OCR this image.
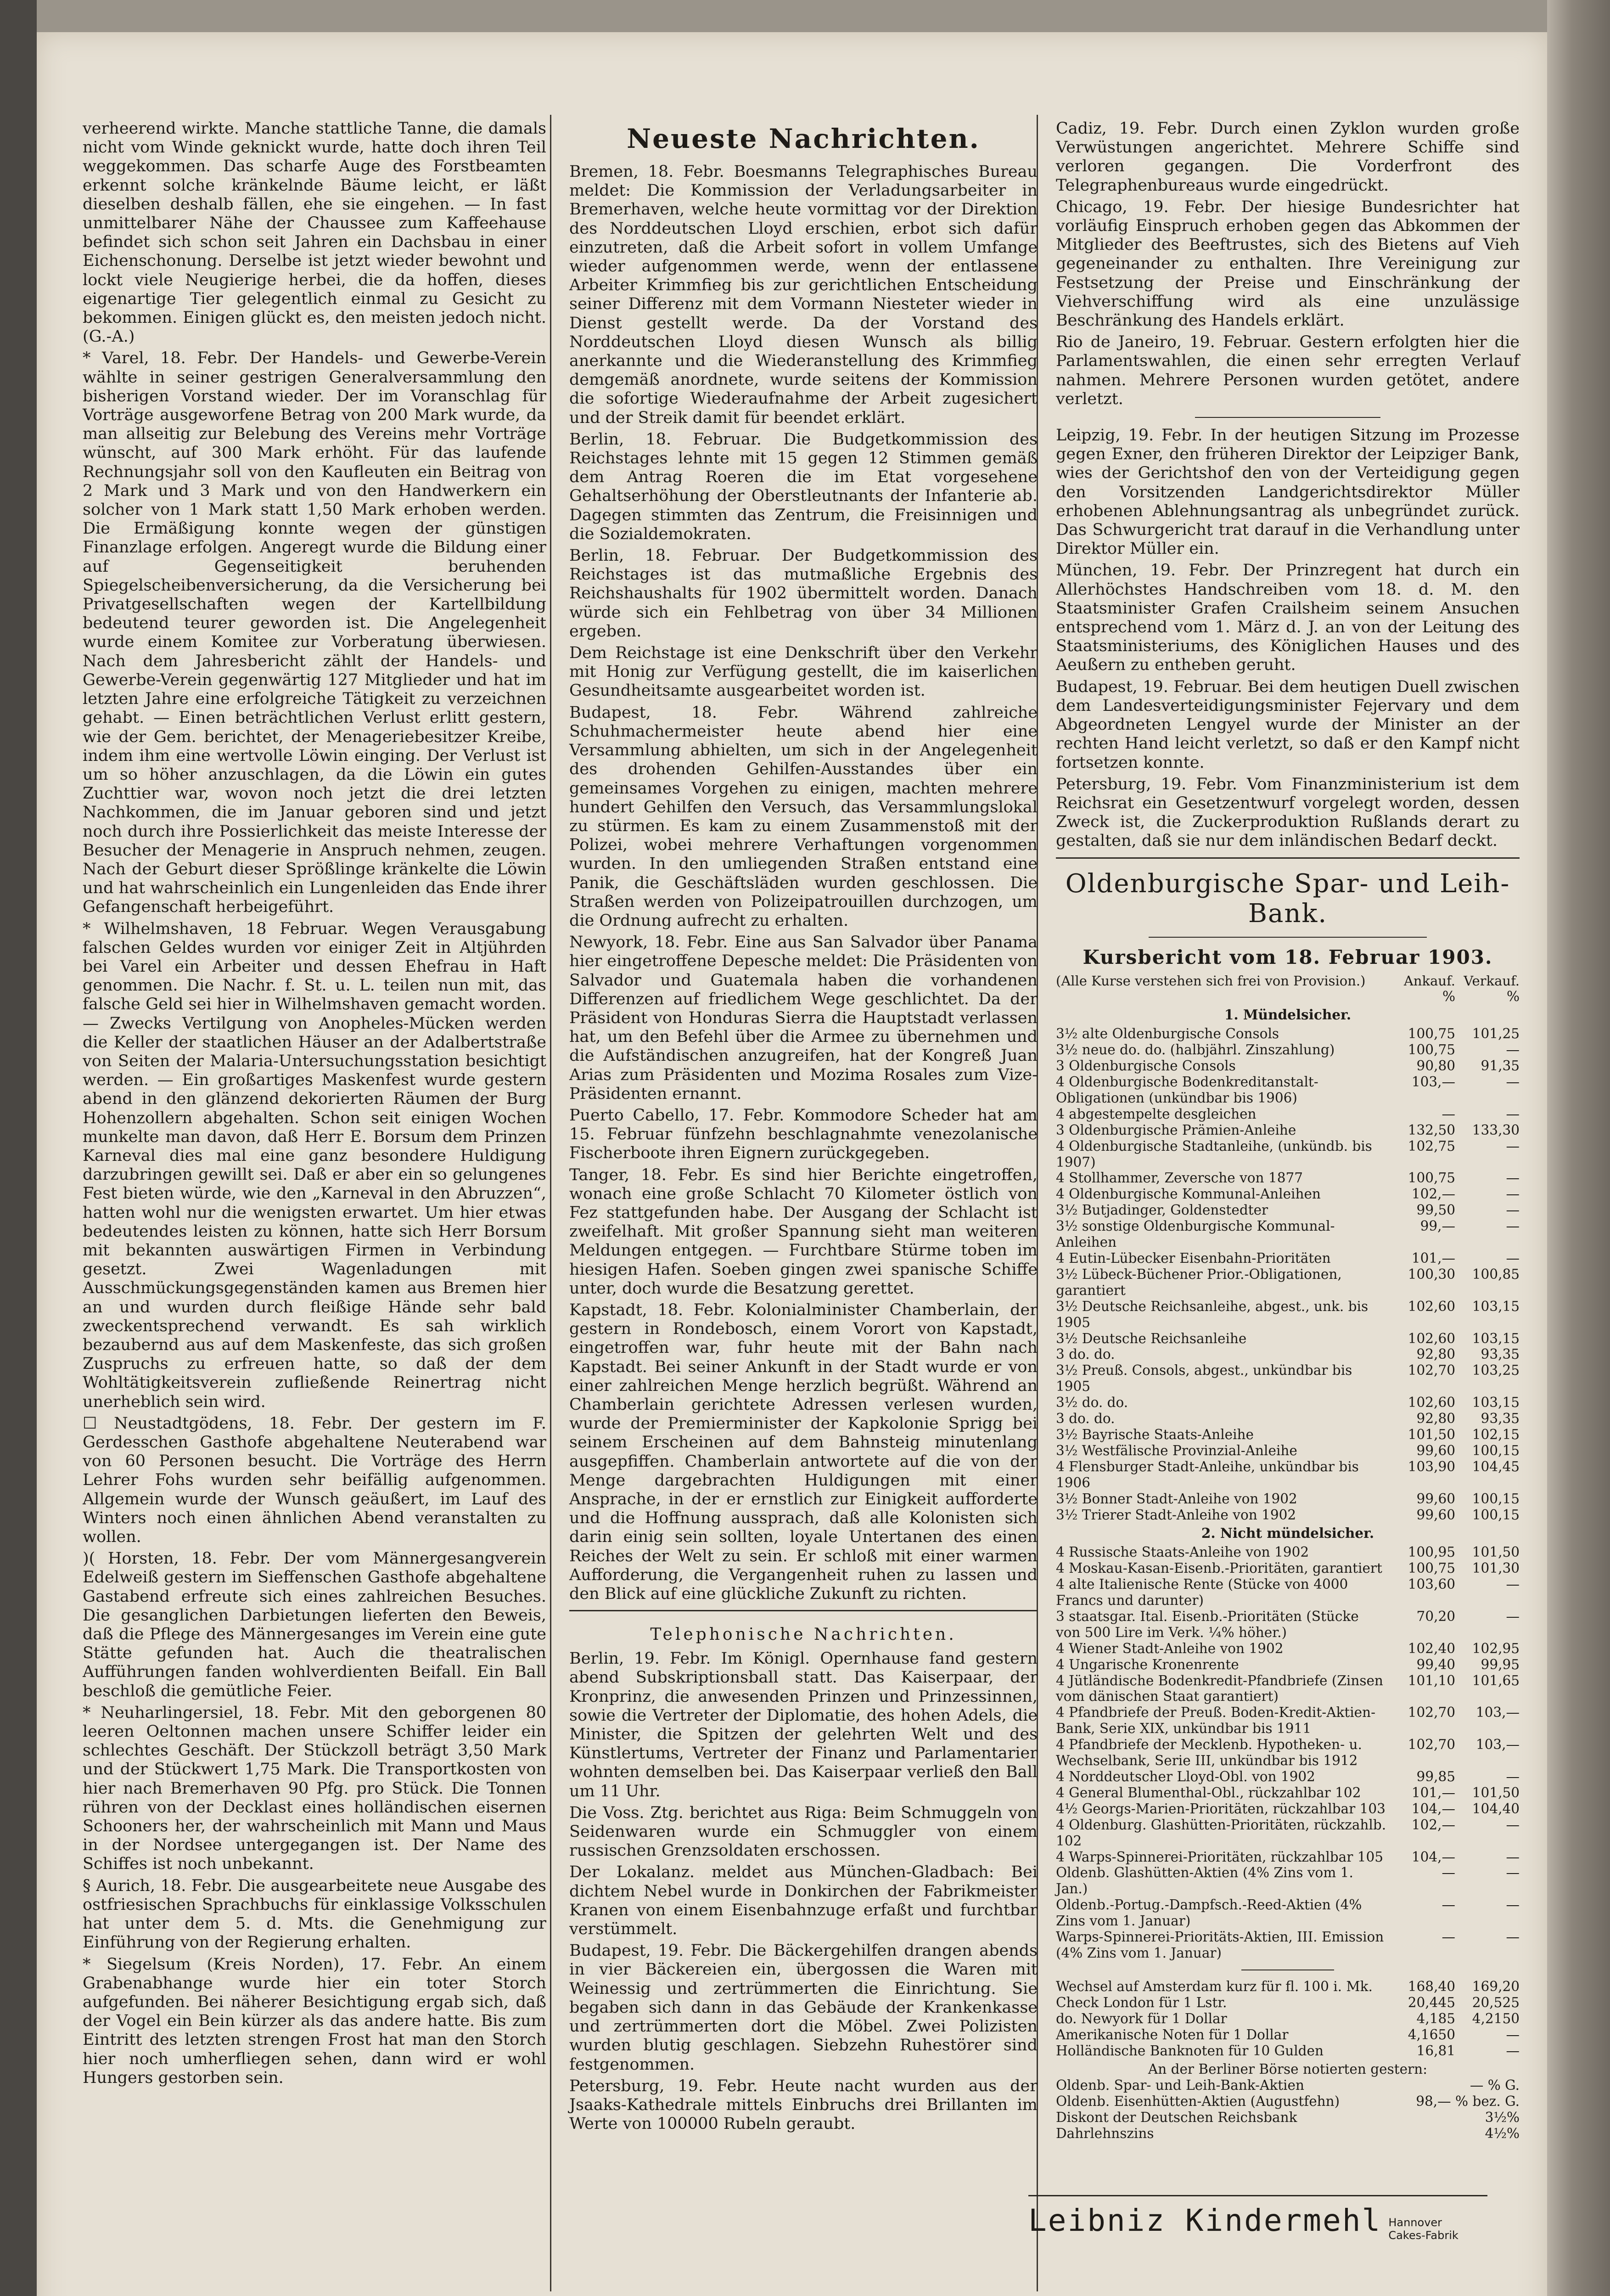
verheerend wirkte. Manche stattliche Tanne, die damals nicht vom Winde geknickt wurde, hatte doch ihren Teil weggekommen. Das scharfe Auge des Forstbeamten erkennt solche kränkelnde Bäume leicht, er läßt dieselben deshalb fällen, ehe sie eingehen. — In fast unmittelbarer Nähe der Chaussee zum Kaffeehause befindet sich schon seit Jahren ein Dachsbau in einer Eichenschonung. Derselbe ist jetzt wieder bewohnt und lockt viele Neugierige herbei, die da hoffen, dieses eigenartige Tier gelegentlich einmal zu Gesicht zu bekommen. Einigen glückt es, den meisten jedoch nicht. (G.-A.)

* Varel, 18. Febr. Der Handels- und Gewerbe-Verein wählte in seiner gestrigen Generalversammlung den bisherigen Vorstand wieder. Der im Voranschlag für Vorträge ausgeworfene Betrag von 200 Mark wurde, da man allseitig zur Belebung des Vereins mehr Vorträge wünscht, auf 300 Mark erhöht. Für das laufende Rechnungsjahr soll von den Kaufleuten ein Beitrag von 2 Mark und 3 Mark und von den Handwerkern ein solcher von 1 Mark statt 1,50 Mark erhoben werden. Die Ermäßigung konnte wegen der günstigen Finanzlage erfolgen. Angeregt wurde die Bildung einer auf Gegenseitigkeit beruhenden Spiegelscheibenversicherung, da die Versicherung bei Privatgesellschaften wegen der Kartellbildung bedeutend teurer geworden ist. Die Angelegenheit wurde einem Komitee zur Vorberatung überwiesen. Nach dem Jahresbericht zählt der Handels- und Gewerbe-Verein gegenwärtig 127 Mitglieder und hat im letzten Jahre eine erfolgreiche Tätigkeit zu verzeichnen gehabt. — Einen beträchtlichen Verlust erlitt gestern, wie der Gem. berichtet, der Menageriebesitzer Kreibe, indem ihm eine wertvolle Löwin einging. Der Verlust ist um so höher anzuschlagen, da die Löwin ein gutes Zuchttier war, wovon noch jetzt die drei letzten Nachkommen, die im Januar geboren sind und jetzt noch durch ihre Possierlichkeit das meiste Interesse der Besucher der Menagerie in Anspruch nehmen, zeugen. Nach der Geburt dieser Sprößlinge kränkelte die Löwin und hat wahrscheinlich ein Lungenleiden das Ende ihrer Gefangenschaft herbeigeführt.

* Wilhelmshaven, 18 Februar. Wegen Verausgabung falschen Geldes wurden vor einiger Zeit in Altjührden bei Varel ein Arbeiter und dessen Ehefrau in Haft genommen. Die Nachr. f. St. u. L. teilen nun mit, das falsche Geld sei hier in Wilhelmshaven gemacht worden. — Zwecks Vertilgung von Anopheles-Mücken werden die Keller der staatlichen Häuser an der Adalbertstraße von Seiten der Malaria-Untersuchungsstation besichtigt werden. — Ein großartiges Maskenfest wurde gestern abend in den glänzend dekorierten Räumen der Burg Hohenzollern abgehalten. Schon seit einigen Wochen munkelte man davon, daß Herr E. Borsum dem Prinzen Karneval dies mal eine ganz besondere Huldigung darzubringen gewillt sei. Daß er aber ein so gelungenes Fest bieten würde, wie den „Karneval in den Abruzzen“, hatten wohl nur die wenigsten erwartet. Um hier etwas bedeutendes leisten zu können, hatte sich Herr Borsum mit bekannten auswärtigen Firmen in Verbindung gesetzt. Zwei Wagenladungen mit Ausschmückungsgegenständen kamen aus Bremen hier an und wurden durch fleißige Hände sehr bald zweckentsprechend verwandt. Es sah wirklich bezaubernd aus auf dem Maskenfeste, das sich großen Zuspruchs zu erfreuen hatte, so daß der dem Wohltätigkeitsverein zufließende Reinertrag nicht unerheblich sein wird.

☐ Neustadtgödens, 18. Febr. Der gestern im F. Gerdesschen Gasthofe abgehaltene Neuterabend war von 60 Personen besucht. Die Vorträge des Herrn Lehrer Fohs wurden sehr beifällig aufgenommen. Allgemein wurde der Wunsch geäußert, im Lauf des Winters noch einen ähnlichen Abend veranstalten zu wollen.

)( Horsten, 18. Febr. Der vom Männergesangverein Edelweiß gestern im Sieffenschen Gasthofe abgehaltene Gastabend erfreute sich eines zahlreichen Besuches. Die gesanglichen Darbietungen lieferten den Beweis, daß die Pflege des Männergesanges im Verein eine gute Stätte gefunden hat. Auch die theatralischen Aufführungen fanden wohlverdienten Beifall. Ein Ball beschloß die gemütliche Feier.

* Neuharlingersiel, 18. Febr. Mit den geborgenen 80 leeren Oeltonnen machen unsere Schiffer leider ein schlechtes Geschäft. Der Stückzoll beträgt 3,50 Mark und der Stückwert 1,75 Mark. Die Transportkosten von hier nach Bremerhaven 90 Pfg. pro Stück. Die Tonnen rühren von der Decklast eines holländischen eisernen Schooners her, der wahrscheinlich mit Mann und Maus in der Nordsee untergegangen ist. Der Name des Schiffes ist noch unbekannt.

§ Aurich, 18. Febr. Die ausgearbeitete neue Ausgabe des ostfriesischen Sprachbuchs für einklassige Volksschulen hat unter dem 5. d. Mts. die Genehmigung zur Einführung von der Regierung erhalten.

* Siegelsum (Kreis Norden), 17. Febr. An einem Grabenabhange wurde hier ein toter Storch aufgefunden. Bei näherer Besichtigung ergab sich, daß der Vogel ein Bein kürzer als das andere hatte. Bis zum Eintritt des letzten strengen Frost hat man den Storch hier noch umherfliegen sehen, dann wird er wohl Hungers gestorben sein.

Neueste Nachrichten.

Bremen, 18. Febr. Boesmanns Telegraphisches Bureau meldet: Die Kommission der Verladungsarbeiter in Bremerhaven, welche heute vormittag vor der Direktion des Norddeutschen Lloyd erschien, erbot sich dafür einzutreten, daß die Arbeit sofort in vollem Umfange wieder aufgenommen werde, wenn der entlassene Arbeiter Krimmfieg bis zur gerichtlichen Entscheidung seiner Differenz mit dem Vormann Niesteter wieder in Dienst gestellt werde. Da der Vorstand des Norddeutschen Lloyd diesen Wunsch als billig anerkannte und die Wiederanstellung des Krimmfieg demgemäß anordnete, wurde seitens der Kommission die sofortige Wiederaufnahme der Arbeit zugesichert und der Streik damit für beendet erklärt.

Berlin, 18. Februar. Die Budgetkommission des Reichstages lehnte mit 15 gegen 12 Stimmen gemäß dem Antrag Roeren die im Etat vorgesehene Gehaltserhöhung der Oberstleutnants der Infanterie ab. Dagegen stimmten das Zentrum, die Freisinnigen und die Sozialdemokraten.

Berlin, 18. Februar. Der Budgetkommission des Reichstages ist das mutmaßliche Ergebnis des Reichshaushalts für 1902 übermittelt worden. Danach würde sich ein Fehlbetrag von über 34 Millionen ergeben.

Dem Reichstage ist eine Denkschrift über den Verkehr mit Honig zur Verfügung gestellt, die im kaiserlichen Gesundheitsamte ausgearbeitet worden ist.

Budapest, 18. Febr. Während zahlreiche Schuhmachermeister heute abend hier eine Versammlung abhielten, um sich in der Angelegenheit des drohenden Gehilfen-Ausstandes über ein gemeinsames Vorgehen zu einigen, machten mehrere hundert Gehilfen den Versuch, das Versammlungslokal zu stürmen. Es kam zu einem Zusammenstoß mit der Polizei, wobei mehrere Verhaftungen vorgenommen wurden. In den umliegenden Straßen entstand eine Panik, die Geschäftsläden wurden geschlossen. Die Straßen werden von Polizeipatrouillen durchzogen, um die Ordnung aufrecht zu erhalten.

Newyork, 18. Febr. Eine aus San Salvador über Panama hier eingetroffene Depesche meldet: Die Präsidenten von Salvador und Guatemala haben die vorhandenen Differenzen auf friedlichem Wege geschlichtet. Da der Präsident von Honduras Sierra die Hauptstadt verlassen hat, um den Befehl über die Armee zu übernehmen und die Aufständischen anzugreifen, hat der Kongreß Juan Arias zum Präsidenten und Mozima Rosales zum Vize-Präsidenten ernannt.

Puerto Cabello, 17. Febr. Kommodore Scheder hat am 15. Februar fünfzehn beschlagnahmte venezolanische Fischerboote ihren Eignern zurückgegeben.

Tanger, 18. Febr. Es sind hier Berichte eingetroffen, wonach eine große Schlacht 70 Kilometer östlich von Fez stattgefunden habe. Der Ausgang der Schlacht ist zweifelhaft. Mit großer Spannung sieht man weiteren Meldungen entgegen. — Furchtbare Stürme toben im hiesigen Hafen. Soeben gingen zwei spanische Schiffe unter, doch wurde die Besatzung gerettet.

Kapstadt, 18. Febr. Kolonialminister Chamberlain, der gestern in Rondebosch, einem Vorort von Kapstadt, eingetroffen war, fuhr heute mit der Bahn nach Kapstadt. Bei seiner Ankunft in der Stadt wurde er von einer zahlreichen Menge herzlich begrüßt. Während an Chamberlain gerichtete Adressen verlesen wurden, wurde der Premierminister der Kapkolonie Sprigg bei seinem Erscheinen auf dem Bahnsteig minutenlang ausgepfiffen. Chamberlain antwortete auf die von der Menge dargebrachten Huldigungen mit einer Ansprache, in der er ernstlich zur Einigkeit aufforderte und die Hoffnung aussprach, daß alle Kolonisten sich darin einig sein sollten, loyale Untertanen des einen Reiches der Welt zu sein. Er schloß mit einer warmen Aufforderung, die Vergangenheit ruhen zu lassen und den Blick auf eine glückliche Zukunft zu richten.

Telephonische Nachrichten.

Berlin, 19. Febr. Im Königl. Opernhause fand gestern abend Subskriptionsball statt. Das Kaiserpaar, der Kronprinz, die anwesenden Prinzen und Prinzessinnen, sowie die Vertreter der Diplomatie, des hohen Adels, die Minister, die Spitzen der gelehrten Welt und des Künstlertums, Vertreter der Finanz und Parlamentarier wohnten demselben bei. Das Kaiserpaar verließ den Ball um 11 Uhr.

Die Voss. Ztg. berichtet aus Riga: Beim Schmuggeln von Seidenwaren wurde ein Schmuggler von einem russischen Grenzsoldaten erschossen.

Der Lokalanz. meldet aus München-Gladbach: Bei dichtem Nebel wurde in Donkirchen der Fabrikmeister Kranen von einem Eisenbahnzuge erfaßt und furchtbar verstümmelt.

Budapest, 19. Febr. Die Bäckergehilfen drangen abends in vier Bäckereien ein, übergossen die Waren mit Weinessig und zertrümmerten die Einrichtung. Sie begaben sich dann in das Gebäude der Krankenkasse und zertrümmerten dort die Möbel. Zwei Polizisten wurden blutig geschlagen. Siebzehn Ruhestörer sind festgenommen.

Petersburg, 19. Febr. Heute nacht wurden aus der Jsaaks-Kathedrale mittels Einbruchs drei Brillanten im Werte von 100000 Rubeln geraubt.

Cadiz, 19. Febr. Durch einen Zyklon wurden große Verwüstungen angerichtet. Mehrere Schiffe sind verloren gegangen. Die Vorderfront des Telegraphenbureaus wurde eingedrückt.

Chicago, 19. Febr. Der hiesige Bundesrichter hat vorläufig Einspruch erhoben gegen das Abkommen der Mitglieder des Beeftrustes, sich des Bietens auf Vieh gegeneinander zu enthalten. Ihre Vereinigung zur Festsetzung der Preise und Einschränkung der Viehverschiffung wird als eine unzulässige Beschränkung des Handels erklärt.

Rio de Janeiro, 19. Februar. Gestern erfolgten hier die Parlamentswahlen, die einen sehr erregten Verlauf nahmen. Mehrere Personen wurden getötet, andere verletzt.

Leipzig, 19. Febr. In der heutigen Sitzung im Prozesse gegen Exner, den früheren Direktor der Leipziger Bank, wies der Gerichtshof den von der Verteidigung gegen den Vorsitzenden Landgerichtsdirektor Müller erhobenen Ablehnungsantrag als unbegründet zurück. Das Schwurgericht trat darauf in die Verhandlung unter Direktor Müller ein.

München, 19. Febr. Der Prinzregent hat durch ein Allerhöchstes Handschreiben vom 18. d. M. den Staatsminister Grafen Crailsheim seinem Ansuchen entsprechend vom 1. März d. J. an von der Leitung des Staatsministeriums, des Königlichen Hauses und des Aeußern zu entheben geruht.

Budapest, 19. Februar. Bei dem heutigen Duell zwischen dem Landesverteidigungsminister Fejervary und dem Abgeordneten Lengyel wurde der Minister an der rechten Hand leicht verletzt, so daß er den Kampf nicht fortsetzen konnte.

Petersburg, 19. Febr. Vom Finanzministerium ist dem Reichsrat ein Gesetzentwurf vorgelegt worden, dessen Zweck ist, die Zuckerproduktion Rußlands derart zu gestalten, daß sie nur dem inländischen Bedarf deckt.

Oldenburgische Spar- und Leih-Bank.
Kursbericht vom 18. Februar 1903.
(Alle Kurse verstehen sich frei von Provision.)	Ankauf.	Verkauf.
	%	%
1. Mündelsicher.		
3½ alte Oldenburgische Consols	100,75	101,25
3½ neue do. do. (halbjährl. Zinszahlung)	100,75	—
3 Oldenburgische Consols	90,80	91,35
4 Oldenburgische Bodenkreditanstalt-Obligationen (unkündbar bis 1906)	103,—	—
4 abgestempelte desgleichen	—	—
3 Oldenburgische Prämien-Anleihe	132,50	133,30
4 Oldenburgische Stadtanleihe, (unkündb. bis 1907)	102,75	—
4 Stollhammer, Zeversche von 1877	100,75	—
4 Oldenburgische Kommunal-Anleihen	102,—	—
3½ Butjadinger, Goldenstedter	99,50	—
3½ sonstige Oldenburgische Kommunal-Anleihen	99,—	—
4 Eutin-Lübecker Eisenbahn-Prioritäten	101,—	—
3½ Lübeck-Büchener Prior.-Obligationen, garantiert	100,30	100,85
3½ Deutsche Reichsanleihe, abgest., unk. bis 1905	102,60	103,15
3½ Deutsche Reichsanleihe	102,60	103,15
3 do. do.	92,80	93,35
3½ Preuß. Consols, abgest., unkündbar bis 1905	102,70	103,25
3½ do. do.	102,60	103,15
3 do. do.	92,80	93,35
3½ Bayrische Staats-Anleihe	101,50	102,15
3½ Westfälische Provinzial-Anleihe	99,60	100,15
4 Flensburger Stadt-Anleihe, unkündbar bis 1906	103,90	104,45
3½ Bonner Stadt-Anleihe von 1902	99,60	100,15
3½ Trierer Stadt-Anleihe von 1902	99,60	100,15
2. Nicht mündelsicher.		
4 Russische Staats-Anleihe von 1902	100,95	101,50
4 Moskau-Kasan-Eisenb.-Prioritäten, garantiert	100,75	101,30
4 alte Italienische Rente (Stücke von 4000 Francs und darunter)	103,60	—
3 staatsgar. Ital. Eisenb.-Prioritäten (Stücke von 500 Lire im Verk. ¼% höher.)	70,20	—
4 Wiener Stadt-Anleihe von 1902	102,40	102,95
4 Ungarische Kronenrente	99,40	99,95
4 Jütländische Bodenkredit-Pfandbriefe (Zinsen vom dänischen Staat garantiert)	101,10	101,65
4 Pfandbriefe der Preuß. Boden-Kredit-Aktien-Bank, Serie XIX, unkündbar bis 1911	102,70	103,—
4 Pfandbriefe der Mecklenb. Hypotheken- u. Wechselbank, Serie III, unkündbar bis 1912	102,70	103,—
4 Norddeutscher Lloyd-Obl. von 1902	99,85	—
4 General Blumenthal-Obl., rückzahlbar 102	101,—	101,50
4½ Georgs-Marien-Prioritäten, rückzahlbar 103	104,—	104,40
4 Oldenburg. Glashütten-Prioritäten, rückzahlb. 102	102,—	—
4 Warps-Spinnerei-Prioritäten, rückzahlbar 105	104,—	—
Oldenb. Glashütten-Aktien (4% Zins vom 1. Jan.)	—	—
Oldenb.-Portug.-Dampfsch.-Reed-Aktien (4% Zins vom 1. Januar)	—	—
Warps-Spinnerei-Prioritäts-Aktien, III. Emission (4% Zins vom 1. Januar)	—	—

Wechsel auf Amsterdam kurz für fl. 100 i. Mk.	168,40	169,20
Check London für 1 Lstr.	20,445	20,525
do. Newyork für 1 Dollar	4,185	4,2150
Amerikanische Noten für 1 Dollar	4,1650	—
Holländische Banknoten für 10 Gulden	16,81	—
An der Berliner Börse notierten gestern:		
Oldenb. Spar- und Leih-Bank-Aktien	— % G.	
Oldenb. Eisenhütten-Aktien (Augustfehn)	98,— % bez. G.	
Diskont der Deutschen Reichsbank	3½%	
Dahrlehnszins	4½%	
Leibniz Kindermehl Hannover
Cakes-Fabrik
